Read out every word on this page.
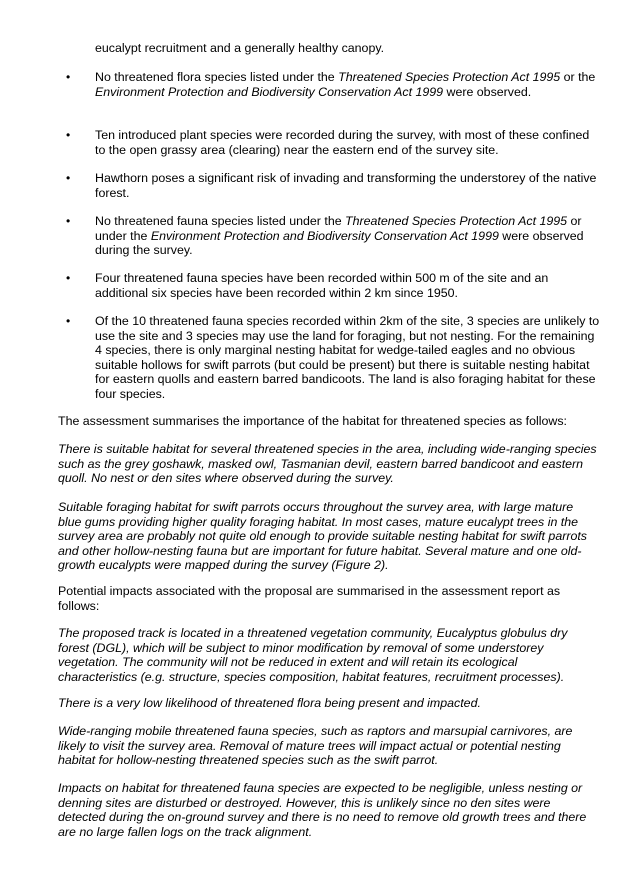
eucalypt recruitment and a generally healthy canopy.

• No threatened flora species listed under the Threatened Species Protection Act 1995 or the Environment Protection and Biodiversity Conservation Act 1999 were observed.

• Ten introduced plant species were recorded during the survey, with most of these confined to the open grassy area (clearing) near the eastern end of the survey site.

• Hawthorn poses a significant risk of invading and transforming the understorey of the native forest.

• No threatened fauna species listed under the Threatened Species Protection Act 1995 or under the Environment Protection and Biodiversity Conservation Act 1999 were observed during the survey.

• Four threatened fauna species have been recorded within 500 m of the site and an additional six species have been recorded within 2 km since 1950.

• Of the 10 threatened fauna species recorded within 2km of the site, 3 species are unlikely to use the site and 3 species may use the land for foraging, but not nesting. For the remaining 4 species, there is only marginal nesting habitat for wedge-tailed eagles and no obvious suitable hollows for swift parrots (but could be present) but there is suitable nesting habitat for eastern quolls and eastern barred bandicoots. The land is also foraging habitat for these four species.

The assessment summarises the importance of the habitat for threatened species as follows:

There is suitable habitat for several threatened species in the area, including wide-ranging species such as the grey goshawk, masked owl, Tasmanian devil, eastern barred bandicoot and eastern quoll. No nest or den sites where observed during the survey.

Suitable foraging habitat for swift parrots occurs throughout the survey area, with large mature blue gums providing higher quality foraging habitat. In most cases, mature eucalypt trees in the survey area are probably not quite old enough to provide suitable nesting habitat for swift parrots and other hollow-nesting fauna but are important for future habitat. Several mature and one old-growth eucalypts were mapped during the survey (Figure 2).

Potential impacts associated with the proposal are summarised in the assessment report as follows:

The proposed track is located in a threatened vegetation community, Eucalyptus globulus dry forest (DGL), which will be subject to minor modification by removal of some understorey vegetation. The community will not be reduced in extent and will retain its ecological characteristics (e.g. structure, species composition, habitat features, recruitment processes).

There is a very low likelihood of threatened flora being present and impacted.

Wide-ranging mobile threatened fauna species, such as raptors and marsupial carnivores, are likely to visit the survey area. Removal of mature trees will impact actual or potential nesting habitat for hollow-nesting threatened species such as the swift parrot.

Impacts on habitat for threatened fauna species are expected to be negligible, unless nesting or denning sites are disturbed or destroyed. However, this is unlikely since no den sites were detected during the on-ground survey and there is no need to remove old growth trees and there are no large fallen logs on the track alignment.
